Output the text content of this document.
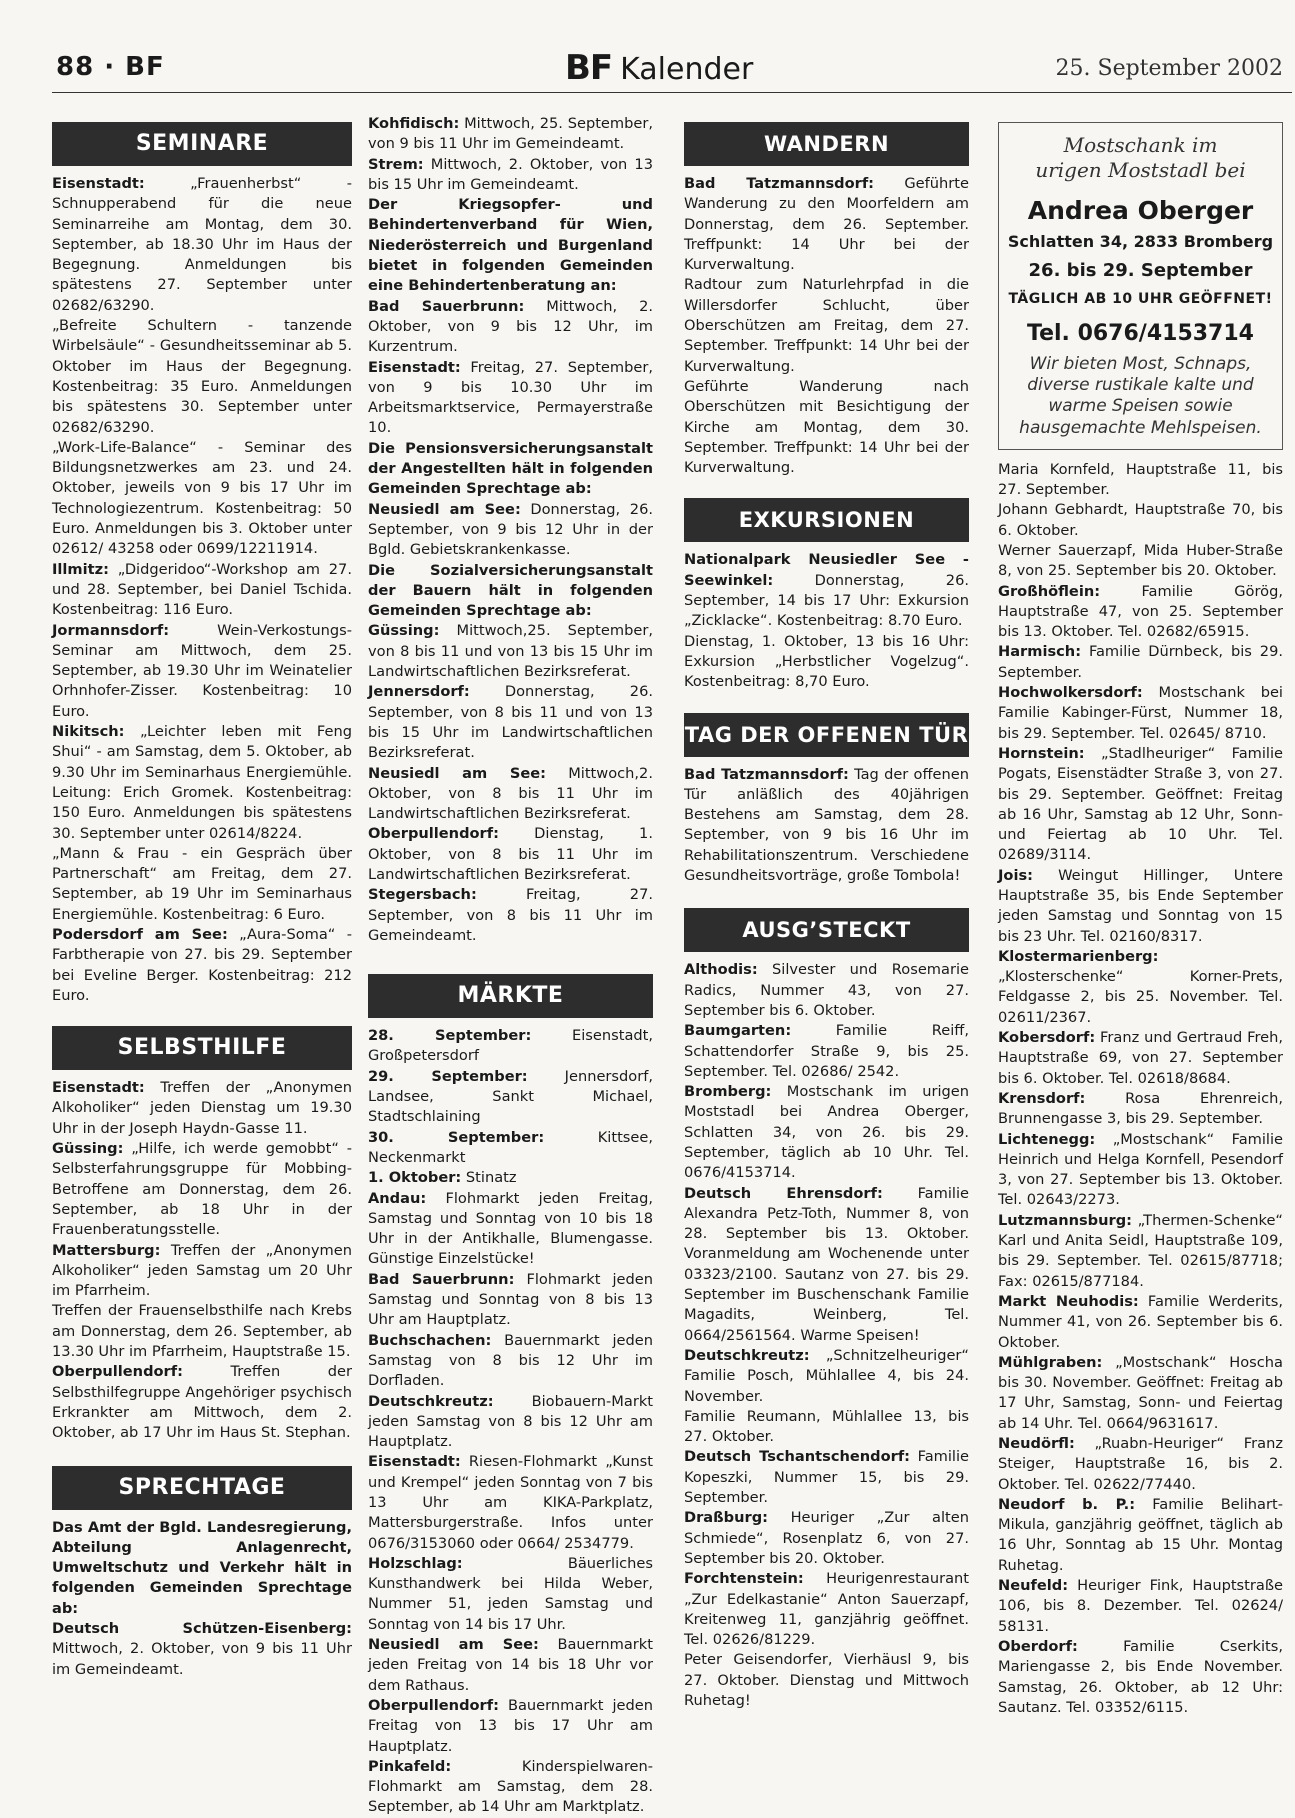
88 · BF	BF Kalender	25. September 2002
SEMINARE

Eisenstadt: „Frauenherbst“ - Schnupperabend für die neue Seminarreihe am Montag, dem 30. September, ab 18.30 Uhr im Haus der Begegnung. Anmeldungen bis spätestens 27. September unter 02682/63290.

„Befreite Schultern - tanzende Wirbelsäule“ - Gesundheitsseminar ab 5. Oktober im Haus der Begegnung. Kostenbeitrag: 35 Euro. Anmeldungen bis spätestens 30. September unter 02682/63290.

„Work-Life-Balance“ - Seminar des Bildungsnetzwerkes am 23. und 24. Oktober, jeweils von 9 bis 17 Uhr im Technologiezentrum. Kostenbeitrag: 50 Euro. Anmeldungen bis 3. Oktober unter 02612/ 43258 oder 0699/12211914.

Illmitz: „Didgeridoo“-Workshop am 27. und 28. September, bei Daniel Tschida. Kostenbeitrag: 116 Euro.

Jormannsdorf: Wein-Verkostungs-Seminar am Mittwoch, dem 25. September, ab 19.30 Uhr im Weinatelier Orhnhofer-Zisser. Kostenbeitrag: 10 Euro.

Nikitsch: „Leichter leben mit Feng Shui“ - am Samstag, dem 5. Oktober, ab 9.30 Uhr im Seminarhaus Energiemühle. Leitung: Erich Gromek. Kostenbeitrag: 150 Euro. Anmeldungen bis spätestens 30. September unter 02614/8224.

„Mann & Frau - ein Gespräch über Partnerschaft“ am Freitag, dem 27. September, ab 19 Uhr im Seminarhaus Energiemühle. Kostenbeitrag: 6 Euro.

Podersdorf am See: „Aura-Soma“ - Farbtherapie von 27. bis 29. September bei Eveline Berger. Kostenbeitrag: 212 Euro.

SELBSTHILFE

Eisenstadt: Treffen der „Anonymen Alkoholiker“ jeden Dienstag um 19.30 Uhr in der Joseph Haydn-Gasse 11.

Güssing: „Hilfe, ich werde gemobbt“ - Selbsterfahrungsgruppe für Mobbing-Betroffene am Donnerstag, dem 26. September, ab 18 Uhr in der Frauenberatungsstelle.

Mattersburg: Treffen der „Anonymen Alkoholiker“ jeden Samstag um 20 Uhr im Pfarrheim.

Treffen der Frauenselbsthilfe nach Krebs am Donnerstag, dem 26. September, ab 13.30 Uhr im Pfarrheim, Hauptstraße 15.

Oberpullendorf: Treffen der Selbsthilfegruppe Angehöriger psychisch Erkrankter am Mittwoch, dem 2. Oktober, ab 17 Uhr im Haus St. Stephan.

SPRECHTAGE

Das Amt der Bgld. Landesregierung, Abteilung Anlagenrecht, Umweltschutz und Verkehr hält in folgenden Gemeinden Sprechtage ab:

Deutsch Schützen-Eisenberg: Mittwoch, 2. Oktober, von 9 bis 11 Uhr im Gemeindeamt.

Kohfidisch: Mittwoch, 25. September, von 9 bis 11 Uhr im Gemeindeamt.

Strem: Mittwoch, 2. Oktober, von 13 bis 15 Uhr im Gemeindeamt.

Der Kriegsopfer- und Behindertenverband für Wien, Niederösterreich und Burgenland bietet in folgenden Gemeinden eine Behindertenberatung an:

Bad Sauerbrunn: Mittwoch, 2. Oktober, von 9 bis 12 Uhr, im Kurzentrum.

Eisenstadt: Freitag, 27. September, von 9 bis 10.30 Uhr im Arbeitsmarktservice, Permayerstraße 10.

Die Pensionsversicherungsanstalt der Angestellten hält in folgenden Gemeinden Sprechtage ab:

Neusiedl am See: Donnerstag, 26. September, von 9 bis 12 Uhr in der Bgld. Gebietskrankenkasse.

Die Sozialversicherungsanstalt der Bauern hält in folgenden Gemeinden Sprechtage ab:

Güssing: Mittwoch,25. September, von 8 bis 11 und von 13 bis 15 Uhr im Landwirtschaftlichen Bezirksreferat.

Jennersdorf: Donnerstag, 26. September, von 8 bis 11 und von 13 bis 15 Uhr im Landwirtschaftlichen Bezirksreferat.

Neusiedl am See: Mittwoch,2. Oktober, von 8 bis 11 Uhr im Landwirtschaftlichen Bezirksreferat.

Oberpullendorf: Dienstag, 1. Oktober, von 8 bis 11 Uhr im Landwirtschaftlichen Bezirksreferat.

Stegersbach: Freitag, 27. September, von 8 bis 11 Uhr im Gemeindeamt.

MÄRKTE

28. September: Eisenstadt, Großpetersdorf

29. September: Jennersdorf, Landsee, Sankt Michael, Stadtschlaining

30. September: Kittsee, Neckenmarkt

1. Oktober: Stinatz

Andau: Flohmarkt jeden Freitag, Samstag und Sonntag von 10 bis 18 Uhr in der Antikhalle, Blumengasse. Günstige Einzelstücke!

Bad Sauerbrunn: Flohmarkt jeden Samstag und Sonntag von 8 bis 13 Uhr am Hauptplatz.

Buchschachen: Bauernmarkt jeden Samstag von 8 bis 12 Uhr im Dorfladen.

Deutschkreutz: Biobauern-Markt jeden Samstag von 8 bis 12 Uhr am Hauptplatz.

Eisenstadt: Riesen-Flohmarkt „Kunst und Krempel“ jeden Sonntag von 7 bis 13 Uhr am KIKA-Parkplatz, Mattersburgerstraße. Infos unter 0676/3153060 oder 0664/ 2534779.

Holzschlag: Bäuerliches Kunsthandwerk bei Hilda Weber, Nummer 51, jeden Samstag und Sonntag von 14 bis 17 Uhr.

Neusiedl am See: Bauernmarkt jeden Freitag von 14 bis 18 Uhr vor dem Rathaus.

Oberpullendorf: Bauernmarkt jeden Freitag von 13 bis 17 Uhr am Hauptplatz.

Pinkafeld: Kinderspielwaren-Flohmarkt am Samstag, dem 28. September, ab 14 Uhr am Marktplatz.

WANDERN

Bad Tatzmannsdorf: Geführte Wanderung zu den Moorfeldern am Donnerstag, dem 26. September. Treffpunkt: 14 Uhr bei der Kurverwaltung.

Radtour zum Naturlehrpfad in die Willersdorfer Schlucht, über Oberschützen am Freitag, dem 27. September. Treffpunkt: 14 Uhr bei der Kurverwaltung.

Geführte Wanderung nach Oberschützen mit Besichtigung der Kirche am Montag, dem 30. September. Treffpunkt: 14 Uhr bei der Kurverwaltung.

EXKURSIONEN

Nationalpark Neusiedler See - Seewinkel: Donnerstag, 26. September, 14 bis 17 Uhr: Exkursion „Zicklacke“. Kostenbeitrag: 8.70 Euro.

Dienstag, 1. Oktober, 13 bis 16 Uhr: Exkursion „Herbstlicher Vogelzug“. Kostenbeitrag: 8,70 Euro.

TAG DER OFFENEN TÜR

Bad Tatzmannsdorf: Tag der offenen Tür anläßlich des 40jährigen Bestehens am Samstag, dem 28. September, von 9 bis 16 Uhr im Rehabilitationszentrum. Verschiedene Gesundheitsvorträge, große Tombola!

AUSG’STECKT

Althodis: Silvester und Rosemarie Radics, Nummer 43, von 27. September bis 6. Oktober.

Baumgarten: Familie Reiff, Schattendorfer Straße 9, bis 25. September. Tel. 02686/ 2542.

Bromberg: Mostschank im urigen Moststadl bei Andrea Oberger, Schlatten 34, von 26. bis 29. September, täglich ab 10 Uhr. Tel. 0676/4153714.

Deutsch Ehrensdorf: Familie Alexandra Petz-Toth, Nummer 8, von 28. September bis 13. Oktober. Voranmeldung am Wochenende unter 03323/2100. Sautanz von 27. bis 29. September im Buschenschank Familie Magadits, Weinberg, Tel. 0664/2561564. Warme Speisen!

Deutschkreutz: „Schnitzelheuriger“ Familie Posch, Mühlallee 4, bis 24. November.

Familie Reumann, Mühlallee 13, bis 27. Oktober.

Deutsch Tschantschendorf: Familie Kopeszki, Nummer 15, bis 29. September.

Draßburg: Heuriger „Zur alten Schmiede“, Rosenplatz 6, von 27. September bis 20. Oktober.

Forchtenstein: Heurigenrestaurant „Zur Edelkastanie“ Anton Sauerzapf, Kreitenweg 11, ganzjährig geöffnet. Tel. 02626/81229.

Peter Geisendorfer, Vierhäusl 9, bis 27. Oktober. Dienstag und Mittwoch Ruhetag!

Mostschank im
urigen Moststadl bei
Andrea Oberger
Schlatten 34, 2833 Bromberg
26. bis 29. September
TÄGLICH AB 10 UHR GEÖFFNET!
Tel. 0676/4153714
Wir bieten Most, Schnaps,
diverse rustikale kalte und
warme Speisen sowie
hausgemachte Mehlspeisen.

Maria Kornfeld, Hauptstraße 11, bis 27. September.

Johann Gebhardt, Hauptstraße 70, bis 6. Oktober.

Werner Sauerzapf, Mida Huber-Straße 8, von 25. September bis 20. Oktober.

Großhöflein: Familie Görög, Hauptstraße 47, von 25. September bis 13. Oktober. Tel. 02682/65915.

Harmisch: Familie Dürnbeck, bis 29. September.

Hochwolkersdorf: Mostschank bei Familie Kabinger-Fürst, Nummer 18, bis 29. September. Tel. 02645/ 8710.

Hornstein: „Stadlheuriger“ Familie Pogats, Eisenstädter Straße 3, von 27. bis 29. September. Geöffnet: Freitag ab 16 Uhr, Samstag ab 12 Uhr, Sonn- und Feiertag ab 10 Uhr. Tel. 02689/3114.

Jois: Weingut Hillinger, Untere Hauptstraße 35, bis Ende September jeden Samstag und Sonntag von 15 bis 23 Uhr. Tel. 02160/8317.

Klostermarienberg: „Klosterschenke“ Korner-Prets, Feldgasse 2, bis 25. November. Tel. 02611/2367.

Kobersdorf: Franz und Gertraud Freh, Hauptstraße 69, von 27. September bis 6. Oktober. Tel. 02618/8684.

Krensdorf: Rosa Ehrenreich, Brunnengasse 3, bis 29. September.

Lichtenegg: „Mostschank“ Familie Heinrich und Helga Kornfell, Pesendorf 3, von 27. September bis 13. Oktober. Tel. 02643/2273.

Lutzmannsburg: „Thermen-Schenke“ Karl und Anita Seidl, Hauptstraße 109, bis 29. September. Tel. 02615/87718; Fax: 02615/877184.

Markt Neuhodis: Familie Werderits, Nummer 41, von 26. September bis 6. Oktober.

Mühlgraben: „Mostschank“ Hoscha bis 30. November. Geöffnet: Freitag ab 17 Uhr, Samstag, Sonn- und Feiertag ab 14 Uhr. Tel. 0664/9631617.

Neudörfl: „Ruabn-Heuriger“ Franz Steiger, Hauptstraße 16, bis 2. Oktober. Tel. 02622/77440.

Neudorf b. P.: Familie Belihart-Mikula, ganzjährig geöffnet, täglich ab 16 Uhr, Sonntag ab 15 Uhr. Montag Ruhetag.

Neufeld: Heuriger Fink, Hauptstraße 106, bis 8. Dezember. Tel. 02624/ 58131.

Oberdorf: Familie Cserkits, Mariengasse 2, bis Ende November. Samstag, 26. Oktober, ab 12 Uhr: Sautanz. Tel. 03352/6115.
